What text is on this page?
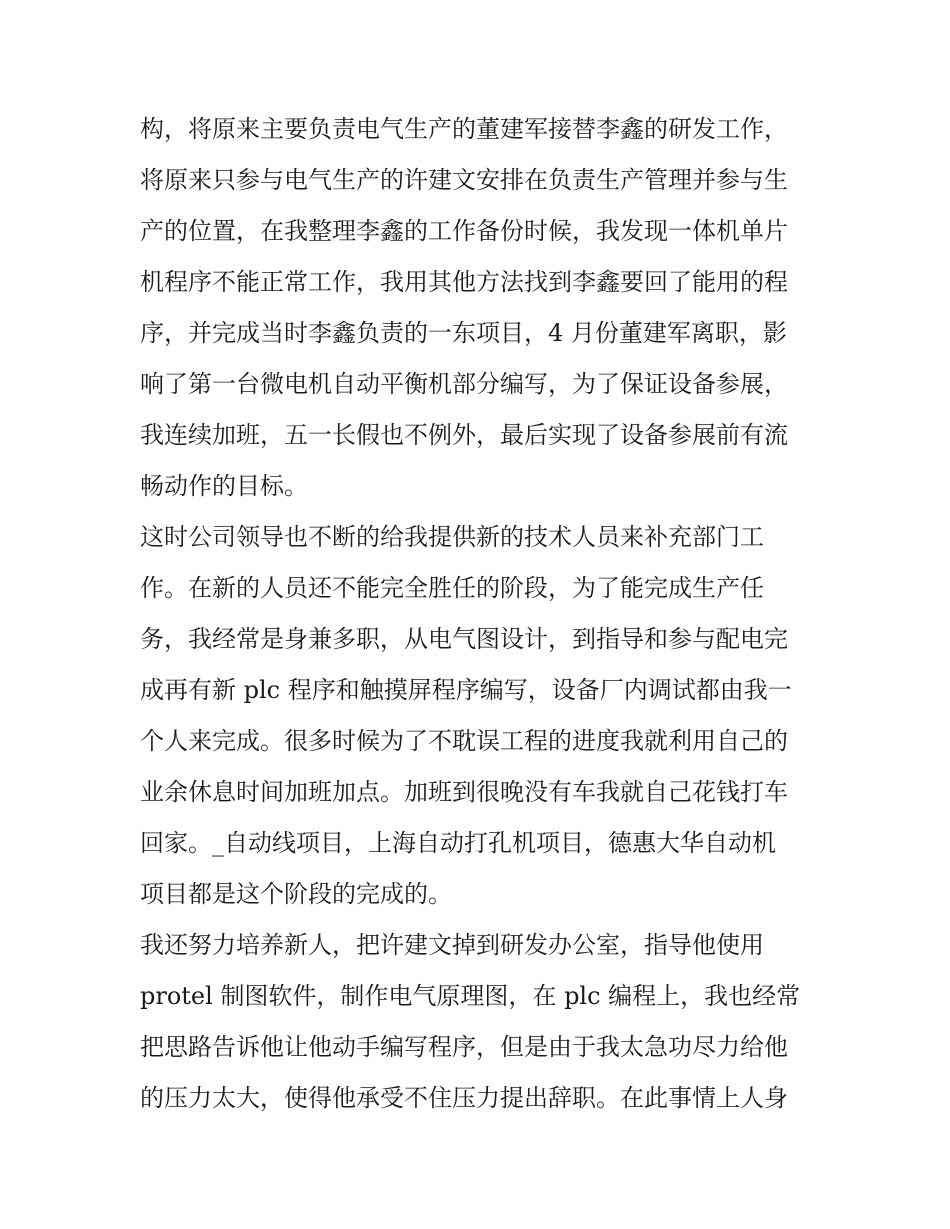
构，将原来主要负责电气生产的董建军接替李鑫的研发工作，
将原来只参与电气生产的许建文安排在负责生产管理并参与生
产的位置，在我整理李鑫的工作备份时候，我发现一体机单片
机程序不能正常工作，我用其他方法找到李鑫要回了能用的程
序，并完成当时李鑫负责的一东项目，4 月份董建军离职，影
响了第一台微电机自动平衡机部分编写，为了保证设备参展，
我连续加班，五一长假也不例外，最后实现了设备参展前有流
畅动作的目标。
这时公司领导也不断的给我提供新的技术人员来补充部门工
作。在新的人员还不能完全胜任的阶段，为了能完成生产任
务，我经常是身兼多职，从电气图设计，到指导和参与配电完
成再有新 plc 程序和触摸屏程序编写，设备厂内调试都由我一
个人来完成。很多时候为了不耽误工程的进度我就利用自己的
业余休息时间加班加点。加班到很晚没有车我就自己花钱打车
回家。_自动线项目，上海自动打孔机项目，德惠大华自动机
项目都是这个阶段的完成的。
我还努力培养新人，把许建文掉到研发办公室，指导他使用
protel 制图软件，制作电气原理图，在 plc 编程上，我也经常
把思路告诉他让他动手编写程序，但是由于我太急功尽力给他
的压力太大，使得他承受不住压力提出辞职。在此事情上人身
